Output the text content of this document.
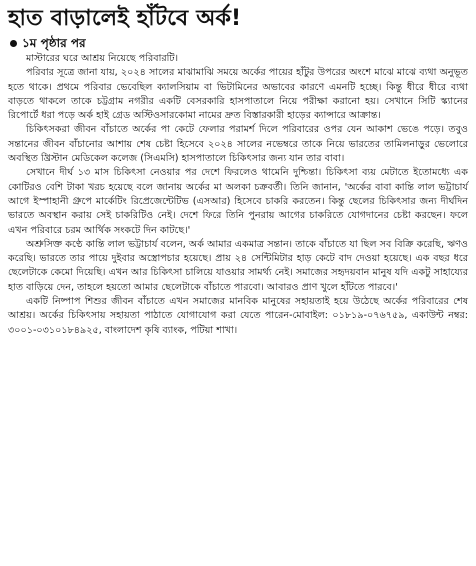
হাত বাড়ালেই হাঁটবে অর্ক!
১ম পৃষ্ঠার পর

মাস্টারের ঘরে আশ্রয় নিয়েছে পরিবারটি।

পরিবার সূত্রে জানা যায়, ২০২৪ সালের মাঝামাঝি সময়ে অর্কের পায়ের হাঁটুর উপরের অংশে মাঝে মাঝে ব্যথা অনুভূত হতে থাকে। প্রথমে পরিবার ভেবেছিল ক্যালসিয়াম বা ভিটামিনের অভাবের কারণে এমনটি হচ্ছে। কিন্তু ধীরে ধীরে ব্যথা বাড়তে থাকলে তাকে চট্টগ্রাম নগরীর একটি বেসরকারি হাসপাতালে নিয়ে পরীক্ষা করানো হয়। সেখানে সিটি স্ক্যানের রিপোর্টে ধরা পড়ে অর্ক হাই গ্রেড অস্টিওসারকোমা নামের দ্রুত বিস্তারকারী হাড়ের ক্যান্সারে আক্রান্ত।

চিকিৎসকরা জীবন বাঁচাতে অর্কের পা কেটে ফেলার পরামর্শ দিলে পরিবারের ওপর যেন আকাশ ভেঙে পড়ে। তবুও সন্তানের জীবন বাঁচানোর আশায় শেষ চেষ্টা হিসেবে ২০২৪ সালের নভেম্বরে তাকে নিয়ে ভারতের তামিলনাড়ুর ভেলোরে অবস্থিত খ্রিস্টান মেডিকেল কলেজ (সিএমসি) হাসপাতালে চিকিৎসার জন্য যান তার বাবা।

সেখানে দীর্ঘ ১৩ মাস চিকিৎসা নেওয়ার পর দেশে ফিরলেও থামেনি দুশ্চিন্তা। চিকিৎসা ব্যয় মেটাতে ইতোমধ্যে এক কোটিরও বেশি টাকা খরচ হয়েছে বলে জানায় অর্কের মা অলকা চক্রবর্তী। তিনি জানান, 'অর্কের বাবা কান্তি লাল ভট্টাচার্য আগে ইস্পাহানী গ্রুপে মার্কেটিং রিপ্রেজেন্টেটিভ (এসআর) হিসেবে চাকরি করতেন। কিন্তু ছেলের চিকিৎসার জন্য দীর্ঘদিন ভারতে অবস্থান করায় সেই চাকরিটিও নেই। দেশে ফিরে তিনি পুনরায় আগের চাকরিতে যোগদানের চেষ্টা করছেন। ফলে এখন পরিবারে চরম আর্থিক সংকটে দিন কাটছে।'

অশ্রুসিক্ত কণ্ঠে কান্তি লাল ভট্টাচার্য বলেন, অর্ক আমার একমাত্র সন্তান। তাকে বাঁচাতে যা ছিল সব বিক্রি করেছি, ঋণও করেছি। ভারতে তার পায়ে দুইবার অস্ত্রোপচার হয়েছে। প্রায় ২৪ সেন্টিমিটার হাড় কেটে বাদ দেওয়া হয়েছে। এক বছর ধরে ছেলেটাকে কেমো দিয়েছি। এখন আর চিকিৎসা চালিয়ে যাওয়ার সামর্থ্য নেই। সমাজের সহৃদয়বান মানুষ যদি একটু সাহায্যের হাত বাড়িয়ে দেন, তাহলে হয়তো আমার ছেলেটাকে বাঁচাতে পারবো। আবারও প্রাণ খুলে হাঁটতে পারবে।'

একটি নিষ্পাপ শিশুর জীবন বাঁচাতে এখন সমাজের মানবিক মানুষের সহায়তাই হয়ে উঠেছে অর্কের পরিবারের শেষ আশ্রয়। অর্কের চিকিৎসায় সহায়তা পাঠাতে যোগাযোগ করা যেতে পারেন-মোবাইল: ০১৮১৯-০৭৬৭৫৯, একাউন্ট নম্বর: ৩০০১-০৩১০১৮৪৯২৫, বাংলাদেশ কৃষি ব্যাংক, পটিয়া শাখা।
